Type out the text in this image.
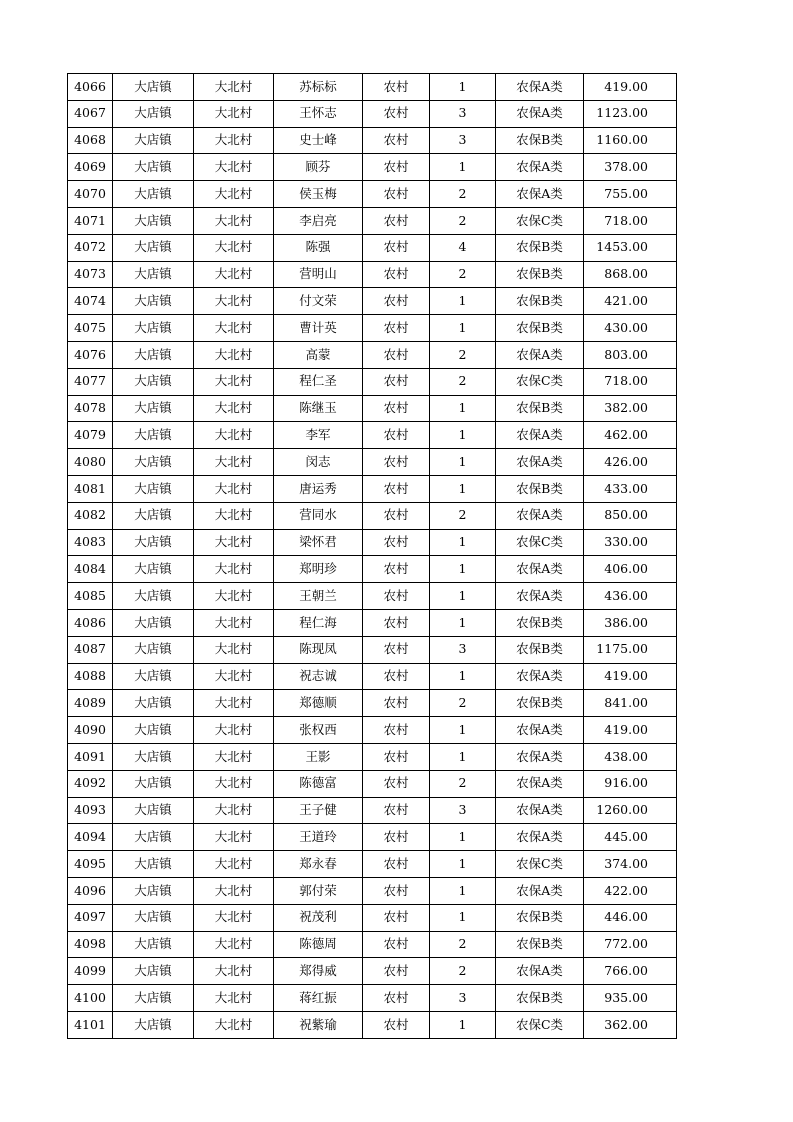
4066	大店镇	大北村	苏标标	农村	1	农保A类	419.00
4067	大店镇	大北村	王怀志	农村	3	农保A类	1123.00
4068	大店镇	大北村	史士峰	农村	3	农保B类	1160.00
4069	大店镇	大北村	顾芬	农村	1	农保A类	378.00
4070	大店镇	大北村	侯玉梅	农村	2	农保A类	755.00
4071	大店镇	大北村	李启亮	农村	2	农保C类	718.00
4072	大店镇	大北村	陈强	农村	4	农保B类	1453.00
4073	大店镇	大北村	营明山	农村	2	农保B类	868.00
4074	大店镇	大北村	付文荣	农村	1	农保B类	421.00
4075	大店镇	大北村	曹计英	农村	1	农保B类	430.00
4076	大店镇	大北村	高蒙	农村	2	农保A类	803.00
4077	大店镇	大北村	程仁圣	农村	2	农保C类	718.00
4078	大店镇	大北村	陈继玉	农村	1	农保B类	382.00
4079	大店镇	大北村	李军	农村	1	农保A类	462.00
4080	大店镇	大北村	闵志	农村	1	农保A类	426.00
4081	大店镇	大北村	唐运秀	农村	1	农保B类	433.00
4082	大店镇	大北村	营同水	农村	2	农保A类	850.00
4083	大店镇	大北村	梁怀君	农村	1	农保C类	330.00
4084	大店镇	大北村	郑明珍	农村	1	农保A类	406.00
4085	大店镇	大北村	王朝兰	农村	1	农保A类	436.00
4086	大店镇	大北村	程仁海	农村	1	农保B类	386.00
4087	大店镇	大北村	陈现凤	农村	3	农保B类	1175.00
4088	大店镇	大北村	祝志诚	农村	1	农保A类	419.00
4089	大店镇	大北村	郑德顺	农村	2	农保B类	841.00
4090	大店镇	大北村	张权西	农村	1	农保A类	419.00
4091	大店镇	大北村	王影	农村	1	农保A类	438.00
4092	大店镇	大北村	陈德富	农村	2	农保A类	916.00
4093	大店镇	大北村	王子健	农村	3	农保A类	1260.00
4094	大店镇	大北村	王道玲	农村	1	农保A类	445.00
4095	大店镇	大北村	郑永春	农村	1	农保C类	374.00
4096	大店镇	大北村	郭付荣	农村	1	农保A类	422.00
4097	大店镇	大北村	祝茂利	农村	1	农保B类	446.00
4098	大店镇	大北村	陈德周	农村	2	农保B类	772.00
4099	大店镇	大北村	郑得威	农村	2	农保A类	766.00
4100	大店镇	大北村	蒋红振	农村	3	农保B类	935.00
4101	大店镇	大北村	祝紫瑜	农村	1	农保C类	362.00
